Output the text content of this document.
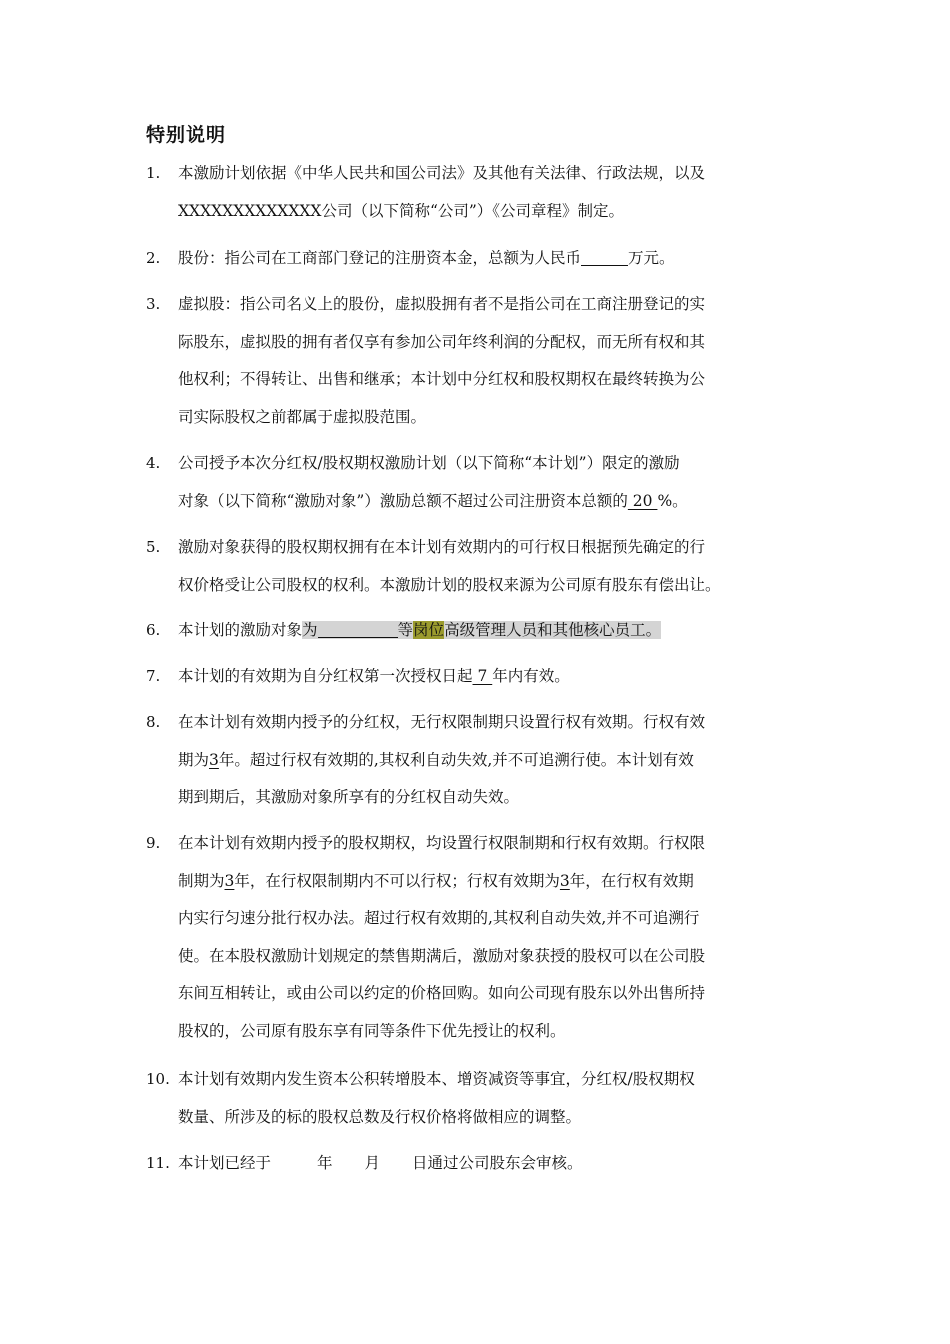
特别说明
1. 本激励计划依据《中华人民共和国公司法》及其他有关法律、行政法规，以及
XXXXXXXXXXXXX公司（以下简称“公司”）《公司章程》制定。
2. 股份：指公司在工商部门登记的注册资本金，总额为人民币	万元。
3. 虚拟股：指公司名义上的股份，虚拟股拥有者不是指公司在工商注册登记的实
际股东，虚拟股的拥有者仅享有参加公司年终利润的分配权，而无所有权和其
他权利；不得转让、出售和继承；本计划中分红权和股权期权在最终转换为公
司实际股权之前都属于虚拟股范围。
4. 公司授予本次分红权/股权期权激励计划（以下简称“本计划”）限定的激励
对象（以下简称“激励对象”）激励总额不超过公司注册资本总额的 20 %。
5. 激励对象获得的股权期权拥有在本计划有效期内的可行权日根据预先确定的行
权价格受让公司股权的权利。本激励计划的股权来源为公司原有股东有偿出让。
6. 本计划的激励对象为	等岗位高级管理人员和其他核心员工。
7. 本计划的有效期为自分红权第一次授权日起 7 年内有效。
8. 在本计划有效期内授予的分红权，无行权限制期只设置行权有效期。行权有效
期为3年。超过行权有效期的,其权利自动失效,并不可追溯行使。本计划有效
期到期后，其激励对象所享有的分红权自动失效。
9. 在本计划有效期内授予的股权期权，均设置行权限制期和行权有效期。行权限
制期为3年，在行权限制期内不可以行权；行权有效期为3年，在行权有效期
内实行匀速分批行权办法。超过行权有效期的,其权利自动失效,并不可追溯行
使。在本股权激励计划规定的禁售期满后，激励对象获授的股权可以在公司股
东间互相转让，或由公司以约定的价格回购。如向公司现有股东以外出售所持
股权的，公司原有股东享有同等条件下优先授让的权利。
10. 本计划有效期内发生资本公积转增股本、增资减资等事宜，分红权/股权期权
数量、所涉及的标的股权总数及行权价格将做相应的调整。
11. 本计划已经于	年 月 日通过公司股东会审核。
